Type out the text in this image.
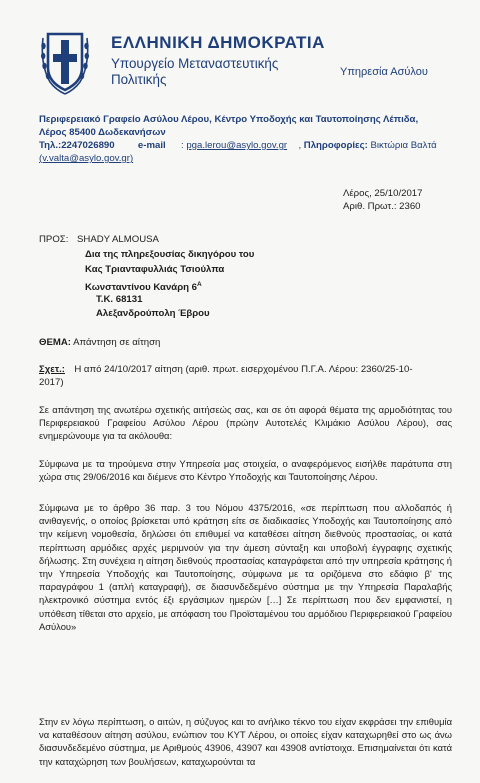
ΕΛΛΗΝΙΚΗ ΔΗΜΟΚΡΑΤΙΑ
Υπουργείο Μεταναστευτικής
Πολιτικής	Υπηρεσία Ασύλου
Περιφερειακό Γραφείο Ασύλου Λέρου, Κέντρο Υποδοχής και Ταυτοποίησης Λέπιδα,
Λέρος 85400 Δωδεκανήσων
Τηλ.:2247026890 e-mail : pga.lerou@asylo.gov.gr , Πληροφορίες: Βικτώρια Βαλτά
(v.valta@asylo.gov.gr)
Λέρος, 25/10/2017
Αριθ. Πρωτ.: 2360
ΠΡΟΣ: SHADY ALMOUSA
Δια της πληρεξουσίας δικηγόρου του
Κας Τριανταφυλλιάς Τσιούλπα
Κωνσταντίνου Κανάρη $6^A$
Τ.Κ. 68131
Αλεξανδρούπολη Έβρου
ΘΕΜΑ: Απάντηση σε αίτηση
Σχετ.: Η από 24/10/2017 αίτηση (αριθ. πρωτ. εισερχομένου Π.Γ.Α. Λέρου: 2360/25-10-
2017)
Σε απάντηση της ανωτέρω σχετικής αιτήσεώς σας, και σε ότι αφορά θέματα της αρμοδιότητας του Περιφερειακού Γραφείου Ασύλου Λέρου (πρώην Αυτοτελές Κλιμάκιο Ασύλου Λέρου), σας ενημερώνουμε για τα ακόλουθα:
Σύμφωνα με τα τηρούμενα στην Υπηρεσία μας στοιχεία, ο αναφερόμενος εισήλθε παράτυπα στη χώρα στις 29/06/2016 και διέμενε στο Κέντρο Υποδοχής και Ταυτοποίησης Λέρου.
Σύμφωνα με το άρθρο 36 παρ. 3 του Νόμου 4375/2016, «σε περίπτωση που αλλοδαπός ή ανιθαγενής, ο οποίος βρίσκεται υπό κράτηση είτε σε διαδικασίες Υποδοχής και Ταυτοποίησης από την κείμενη νομοθεσία, δηλώσει ότι επιθυμεί να καταθέσει αίτηση διεθνούς προστασίας, οι κατά περίπτωση αρμόδιες αρχές μεριμνούν για την άμεση σύνταξη και υποβολή έγγραφης σχετικής δήλωσης. Στη συνέχεια η αίτηση διεθνούς προστασίας καταγράφεται από την υπηρεσία κράτησης ή την Υπηρεσία Υποδοχής και Ταυτοποίησης, σύμφωνα με τα οριζόμενα στο εδάφιο β' της παραγράφου 1 (απλή καταγραφή), σε διασυνδεδεμένο σύστημα με την Υπηρεσία Παραλαβής ηλεκτρονικό σύστημα εντός έξι εργάσιμων ημερών […] Σε περίπτωση που δεν εμφανιστεί, η υπόθεση τίθεται στο αρχείο, με απόφαση του Προϊσταμένου του αρμόδιου Περιφερειακού Γραφείου Ασύλου»
Στην εν λόγω περίπτωση, ο αιτών, η σύζυγος και το ανήλικο τέκνο του είχαν εκφράσει την επιθυμία να καταθέσουν αίτηση ασύλου, ενώπιον του ΚΥΤ Λέρου, οι οποίες είχαν καταχωρηθεί στο ως άνω διασυνδεδεμένο σύστημα, με Αριθμούς 43906, 43907 και 43908 αντίστοιχα. Επισημαίνεται ότι κατά την καταχώρηση των βουλήσεων, καταχωρούνται τα
